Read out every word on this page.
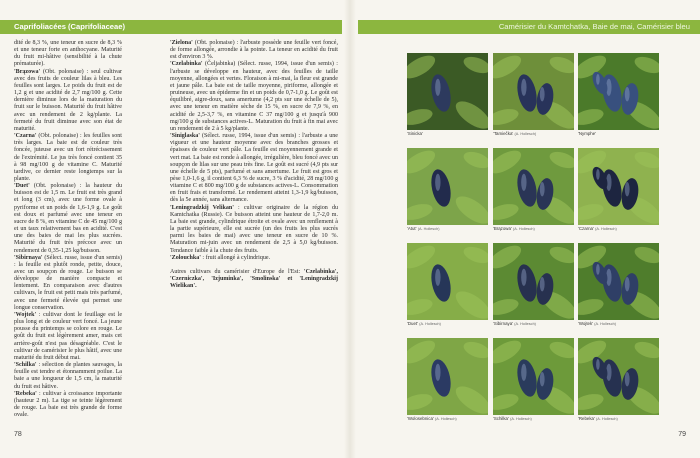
Caprifoliacées (Caprifoliaceae)	Camérisier du Kamtchatka, Baie de mai, Camérisier bleu

dité de 8,3 %, une teneur en sucre de 8,3 % et une teneur forte en anthocyane. Maturité du fruit mi-hâtive (sensibilité à la chute prématurée).

'Brązowa' (Obt. polonaise) : seul cultivar avec des fruits de couleur lilas à bleu. Les feuilles sont larges. Le poids du fruit est de 1,2 g et une acidité de 2,7 mg/100 g. Cette dernière diminue lors de la maturation du fruit sur le buisson. Maturité du fruit hâtive avec un rendement de 2 kg/plante. La fermeté du fruit diminue avec son état de maturité.

'Czarna' (Obt. polonaise) : les feuilles sont très larges. La baie est de couleur très foncée, juteuse avec un fort rétrécissement de l'extrémité. Le jus très foncé contient 35 à 98 mg/100 g de vitamine C. Maturité tardive, ce dernier reste longtemps sur la plante.

'Duet' (Obt. polonaise) : la hauteur du buisson est de 1,5 m. Le fruit est très grand et long (3 cm), avec une forme ovale à pyriforme et un poids de 1,6-1,9 g. Le goût est doux et parfumé avec une teneur en sucre de 8 %, en vitamine C de 45 mg/100 g et un taux relativement bas en acidité. C'est une des baies de mai les plus sucrées. Maturité du fruit très précoce avec un rendement de 0,35-1,25 kg/buisson.

'Sibirnaya' (Sélect. russe, issue d'un semis) : la feuille est plutôt ronde, petite, douce, avec un soupçon de rouge. Le buisson se développe de manière compacte et lentement. En comparaison avec d'autres cultivars, le fruit est petit mais très parfumé, avec une fermeté élevée qui permet une longue conservation.

'Wojtek' : cultivar dont le feuillage est le plus long et de couleur vert foncé. La jeune pousse du printemps se colore en rouge. Le goût du fruit est légèrement amer, mais cet arrière-goût n'est pas désagréable. C'est le cultivar de camérisier le plus hâtif, avec une maturité du fruit début mai.

'Schilka' : sélection de plantes sauvages, la feuille est tendre et étonnamment poilue. La baie a une longueur de 1,5 cm, la maturité du fruit est hâtive.

'Rebeka' : cultivar à croissance importante (hauteur 2 m). La tige se teinte légèrement de rouge. La baie est très grande de forme ovale.

'Zielona' (Obt. polonaise) : l'arbuste possède une feuille vert foncé, de forme allongée, arrondie à la pointe. La teneur en acidité du fruit est d'environ 3 %.

'Czelabinka' (Čeljabinka) (Sélect. russe, 1994, issue d'un semis) : l'arbuste se développe en hauteur, avec des feuilles de taille moyenne, allongées et vertes. Floraison à mi-mai, la fleur est grande et jaune pâle. La baie est de taille moyenne, piriforme, allongée et pruineuse, avec un épiderme fin et un poids de 0,7-1,0 g. Le goût est équilibré, aigre-doux, sans amertume (4,2 pts sur une échelle de 5), avec une teneur en matière sèche de 15 %, en sucre de 7,9 %, en acidité de 2,5-3,7 %, en vitamine C 37 mg/100 g et jusqu'à 900 mg/100 g de substances actives-L. Maturation du fruit à fin mai avec un rendement de 2 à 5 kg/plante.

'Siniglaska' (Sélect. russe, 1994, issue d'un semis) : l'arbuste a une vigueur et une hauteur moyenne avec des branches grosses et épaisses de couleur vert pâle. La feuille est moyennement grande et vert mat. La baie est ronde à allongée, irrégulière, bleu foncé avec un soupçon de lilas sur une peau très fine. Le goût est sucré (4,9 pts sur une échelle de 5 pts), parfumé et sans amertume. Le fruit est gros et pèse 1,0-1,6 g, il contient 6,3 % de sucre, 3 % d'acidité, 28 mg/100 g vitamine C et 800 mg/100 g de substances actives-L. Consommation en fruit frais et transformé. Le rendement atteint 1,3-1,9 kg/buisson, dès la 5e année, sans alternance.

'Leningradzkij Velikan' : cultivar originaire de la région du Kamtchatka (Russie). Ce buisson atteint une hauteur de 1,7-2,0 m. La baie est grande, cylindrique étroite et ovale avec un renflement à la partie supérieure, elle est sucrée (un des fruits les plus sucrés parmi les baies de mai) avec une teneur en sucre de 10 %. Maturation mi-juin avec un rendement de 2,5 à 5,0 kg/buisson. Tendance faible à la chute des fruits.

'Zolouchka' : fruit allongé à cylindrique.

Autres cultivars du camérisier d'Europe de l'Est: 'Czelabinka', 'Czerniczka', 'Izjuminka', 'Smolinska' et 'Leningradzkij Wielikan'.

'Sinicka'	'Tamiečka' (A. Hollesch)	'Nymphe'
'Atut' (A. Hollesch)	'Brązowa' (A. Hollesch)	'Czarna' (A. Hollesch)
'Duet' (A. Hollesch)	'Sibirnaya' (A. Hollesch)	'Wojtek' (A. Hollesch)
'Wolosebnica' (A. Hollesch)	'Schilka' (A. Hollesch)	'Rebeka' (A. Hollesch)
78	79
